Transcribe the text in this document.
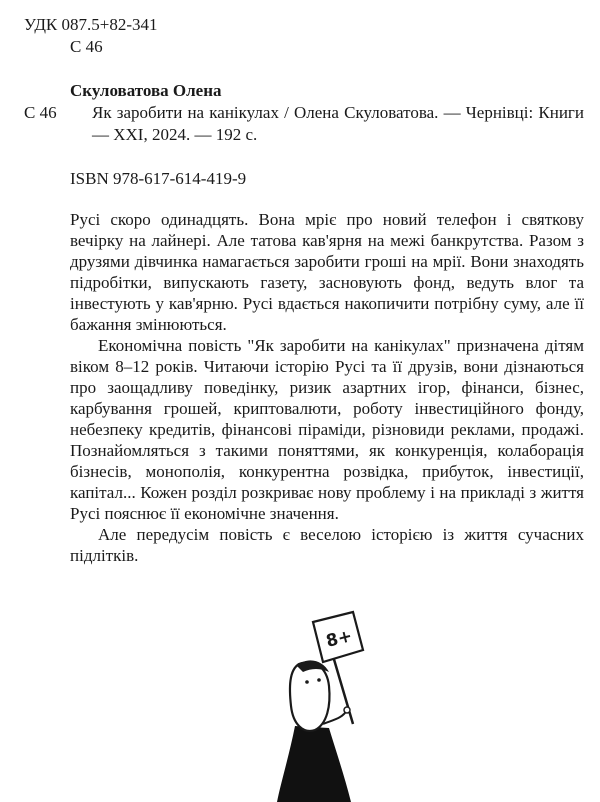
УДК 087.5+82-341
С 46
Скуловатова Олена
С 46 Як заробити на канікулах / Олена Скуловатова. — Чернівці: Книги — XXI, 2024. — 192 с.
ISBN 978-617-614-419-9

Русі скоро одинадцять. Вона мріє про новий телефон і святкову вечірку на лайнері. Але татова кав'ярня на межі банкрутства. Разом з друзями дівчинка намагається заробити гроші на мрії. Вони знаходять підробітки, випускають газету, засновують фонд, ведуть влог та інвестують у кав'ярню. Русі вдається накопичити потрібну суму, але її бажання змінюються.

Економічна повість "Як заробити на канікулах" призначена дітям віком 8–12 років. Читаючи історію Русі та її друзів, вони дізнаються про заощадливу поведінку, ризик азартних ігор, фінанси, бізнес, карбування грошей, криптовалюти, роботу інвестиційного фонду, небезпеку кредитів, фінансові піраміди, різновиди реклами, продажі. Познайомляться з такими поняттями, як конкуренція, колаборація бізнесів, монополія, конкурентна розвідка, прибуток, інвестиції, капітал... Кожен розділ розкриває нову проблему і на прикладі з життя Русі пояснює її економічне значення.

Але передусім повість є веселою історією із життя сучасних підлітків.

8+
